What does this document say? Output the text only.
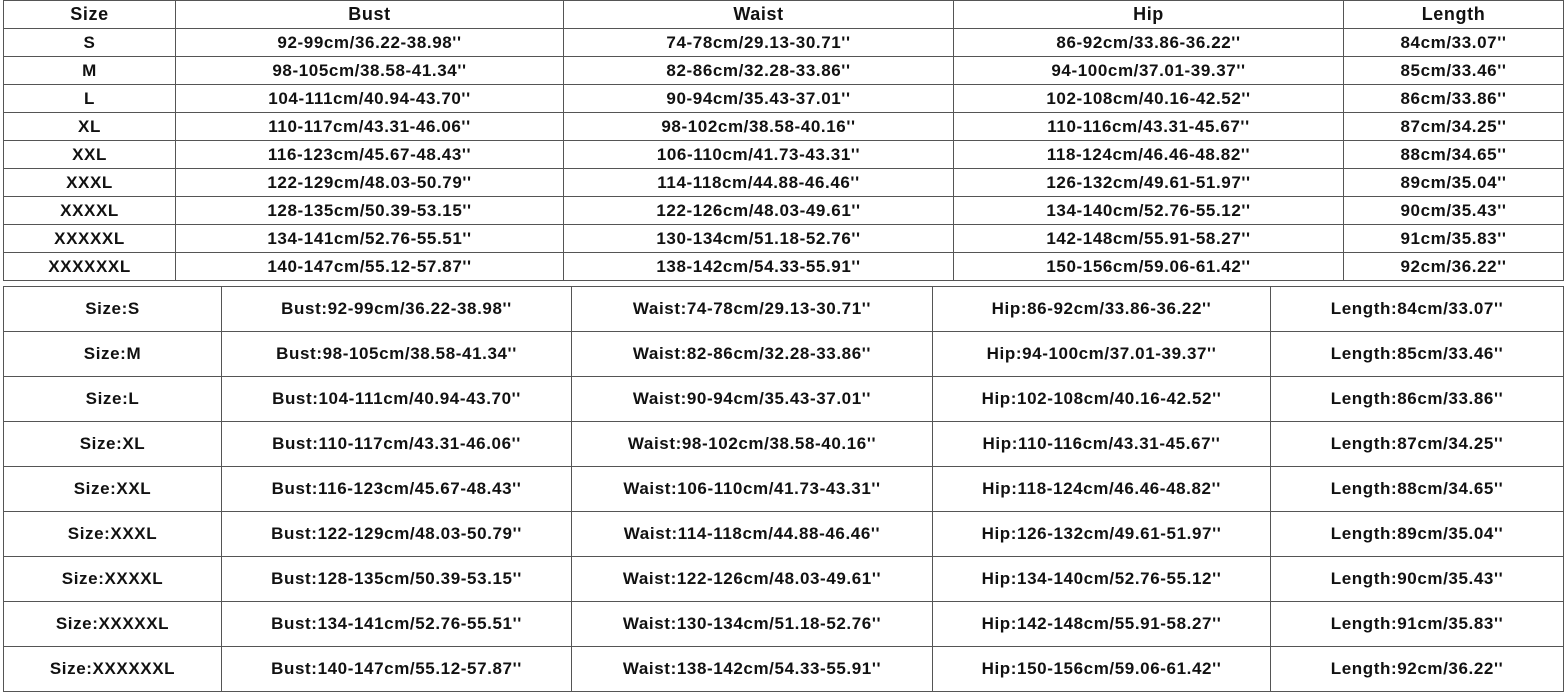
Size	Bust	Waist	Hip	Length
S	92-99cm/36.22-38.98''	74-78cm/29.13-30.71''	86-92cm/33.86-36.22''	84cm/33.07''
M	98-105cm/38.58-41.34''	82-86cm/32.28-33.86''	94-100cm/37.01-39.37''	85cm/33.46''
L	104-111cm/40.94-43.70''	90-94cm/35.43-37.01''	102-108cm/40.16-42.52''	86cm/33.86''
XL	110-117cm/43.31-46.06''	98-102cm/38.58-40.16''	110-116cm/43.31-45.67''	87cm/34.25''
XXL	116-123cm/45.67-48.43''	106-110cm/41.73-43.31''	118-124cm/46.46-48.82''	88cm/34.65''
XXXL	122-129cm/48.03-50.79''	114-118cm/44.88-46.46''	126-132cm/49.61-51.97''	89cm/35.04''
XXXXL	128-135cm/50.39-53.15''	122-126cm/48.03-49.61''	134-140cm/52.76-55.12''	90cm/35.43''
XXXXXL	134-141cm/52.76-55.51''	130-134cm/51.18-52.76''	142-148cm/55.91-58.27''	91cm/35.83''
XXXXXXL	140-147cm/55.12-57.87''	138-142cm/54.33-55.91''	150-156cm/59.06-61.42''	92cm/36.22''
Size:S	Bust:92-99cm/36.22-38.98''	Waist:74-78cm/29.13-30.71''	Hip:86-92cm/33.86-36.22''	Length:84cm/33.07''
Size:M	Bust:98-105cm/38.58-41.34''	Waist:82-86cm/32.28-33.86''	Hip:94-100cm/37.01-39.37''	Length:85cm/33.46''
Size:L	Bust:104-111cm/40.94-43.70''	Waist:90-94cm/35.43-37.01''	Hip:102-108cm/40.16-42.52''	Length:86cm/33.86''
Size:XL	Bust:110-117cm/43.31-46.06''	Waist:98-102cm/38.58-40.16''	Hip:110-116cm/43.31-45.67''	Length:87cm/34.25''
Size:XXL	Bust:116-123cm/45.67-48.43''	Waist:106-110cm/41.73-43.31''	Hip:118-124cm/46.46-48.82''	Length:88cm/34.65''
Size:XXXL	Bust:122-129cm/48.03-50.79''	Waist:114-118cm/44.88-46.46''	Hip:126-132cm/49.61-51.97''	Length:89cm/35.04''
Size:XXXXL	Bust:128-135cm/50.39-53.15''	Waist:122-126cm/48.03-49.61''	Hip:134-140cm/52.76-55.12''	Length:90cm/35.43''
Size:XXXXXL	Bust:134-141cm/52.76-55.51''	Waist:130-134cm/51.18-52.76''	Hip:142-148cm/55.91-58.27''	Length:91cm/35.83''
Size:XXXXXXL	Bust:140-147cm/55.12-57.87''	Waist:138-142cm/54.33-55.91''	Hip:150-156cm/59.06-61.42''	Length:92cm/36.22''
